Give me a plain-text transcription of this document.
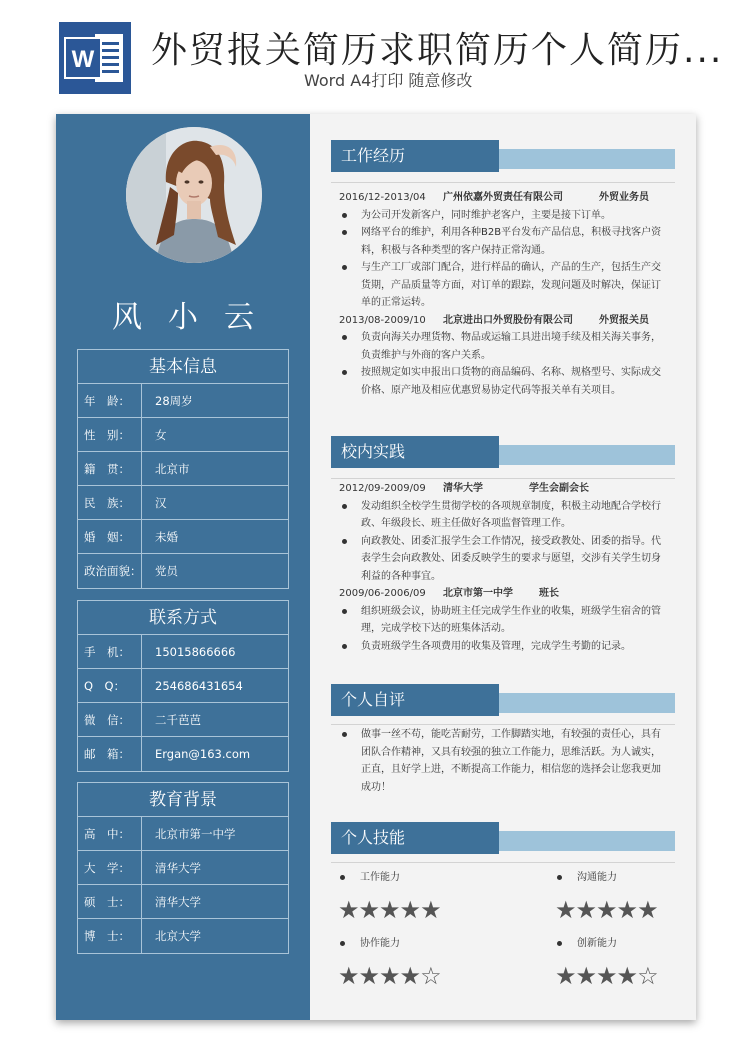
W 外贸报关简历求职简历个人简历...
Word A4打印 随意修改
风小云
基本信息
年　龄：	28周岁
性　别：	女
籍　贯：	北京市
民　族：	汉
婚　姻：	未婚
政治面貌：	党员
联系方式
手　机：	15015866666
Q　Q：	254686431654
微　信：	二千芭芭
邮　箱：	Ergan@163.com
教育背景
高　中：	北京市第一中学
大　学：	清华大学
硕　士：	清华大学
博　士：	北京大学
工作经历
2016/12-2013/04	广州依嘉外贸责任有限公司	外贸业务员
为公司开发新客户，同时维护老客户，主要是接下订单。
网络平台的维护，利用各种B2B平台发布产品信息，积极寻找客户资料，积极与各种类型的客户保持正常沟通。
与生产工厂或部门配合，进行样品的确认，产品的生产，包括生产交货期，产品质量等方面，对订单的跟踪，发现问题及时解决，保证订单的正常运转。
2013/08-2009/10	北京进出口外贸股份有限公司	外贸报关员
负责向海关办理货物、物品或运输工具进出境手续及相关海关事务，负责维护与外商的客户关系。
按照规定如实申报出口货物的商品编码、名称、规格型号、实际成交价格、原产地及相应优惠贸易协定代码等报关单有关项目。
校内实践
2012/09-2009/09	清华大学	学生会副会长
发动组织全校学生贯彻学校的各项规章制度，积极主动地配合学校行政、年级段长、班主任做好各项监督管理工作。
向政教处、团委汇报学生会工作情况，接受政教处、团委的指导。代表学生会向政教处、团委反映学生的要求与愿望，交涉有关学生切身利益的各种事宜。
2009/06-2006/09	北京市第一中学	班长
组织班级会议，协助班主任完成学生作业的收集，班级学生宿舍的管理，完成学校下达的班集体活动。
负责班级学生各项费用的收集及管理，完成学生考勤的记录。
个人自评
做事一丝不苟，能吃苦耐劳，工作脚踏实地，有较强的责任心，具有团队合作精神，又具有较强的独立工作能力，思维活跃。为人诚实，正直，且好学上进，不断提高工作能力，相信您的选择会让您我更加成功！
个人技能
工作能力
★★★★★
沟通能力
★★★★★
协作能力
★★★★☆
创新能力
★★★★☆
